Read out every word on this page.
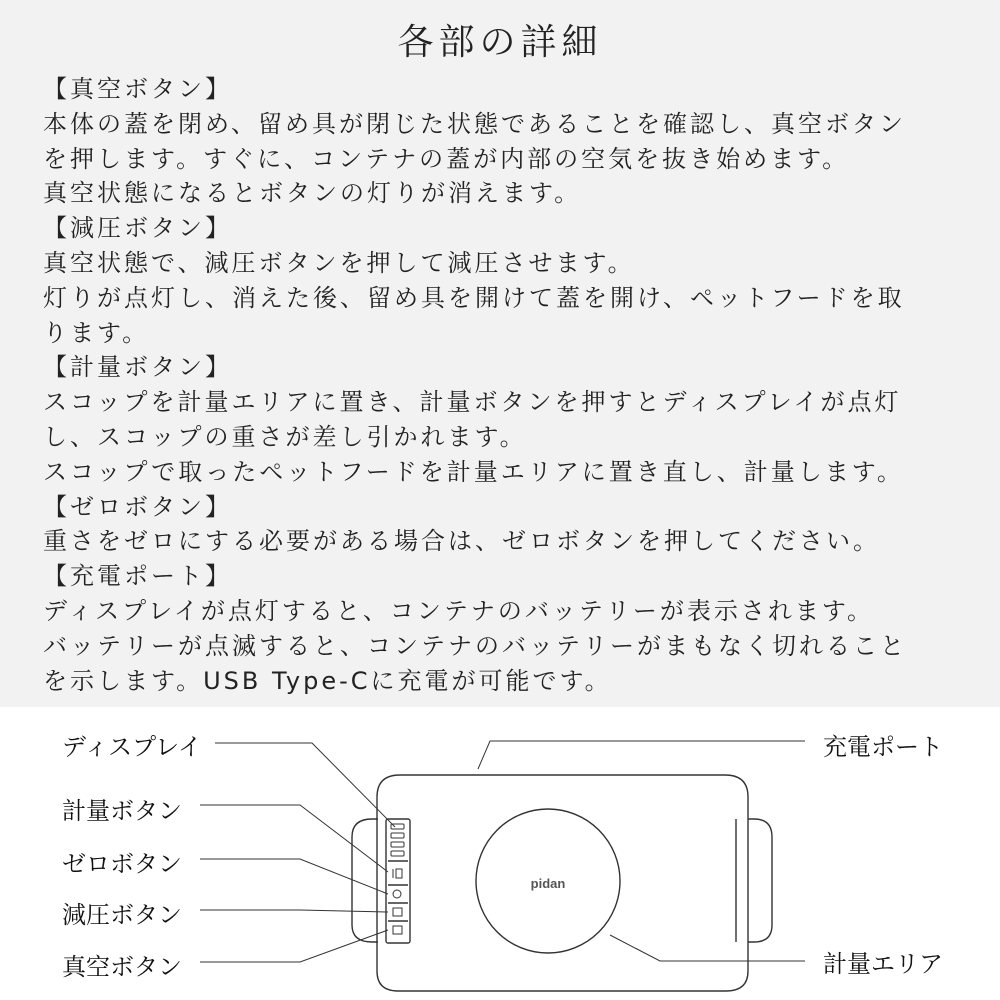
各部の詳細

【真空ボタン】

本体の蓋を閉め、留め具が閉じた状態であることを確認し、真空ボタン

を押します。すぐに、コンテナの蓋が内部の空気を抜き始めます。

真空状態になるとボタンの灯りが消えます。

【減圧ボタン】

真空状態で、減圧ボタンを押して減圧させます。

灯りが点灯し、消えた後、留め具を開けて蓋を開け、ペットフードを取

ります。

【計量ボタン】

スコップを計量エリアに置き、計量ボタンを押すとディスプレイが点灯

し、スコップの重さが差し引かれます。

スコップで取ったペットフードを計量エリアに置き直し、計量します。

【ゼロボタン】

重さをゼロにする必要がある場合は、ゼロボタンを押してください。

【充電ポート】

ディスプレイが点灯すると、コンテナのバッテリーが表示されます。

バッテリーが点滅すると、コンテナのバッテリーがまもなく切れること

を示します。USB Type-Cに充電が可能です。

pidan
ディスプレイ
計量ボタン
ゼロボタン
減圧ボタン
真空ボタン
充電ポート
計量エリア
